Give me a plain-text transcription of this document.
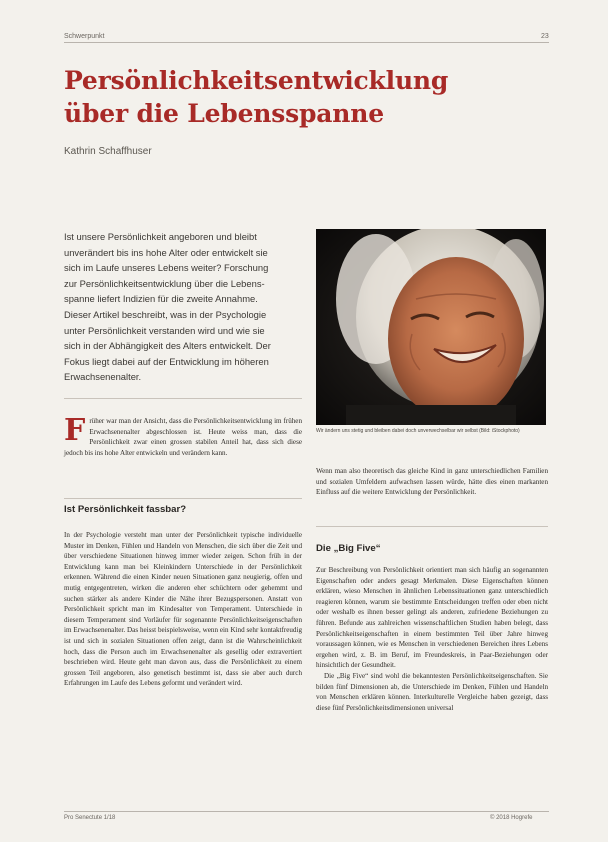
Schwerpunkt	23
Persönlichkeitsentwicklung über die Lebensspanne
Kathrin Schaffhuser

Ist unsere Persönlichkeit angeboren und bleibt

unverändert bis ins hohe Alter oder entwickelt sie

sich im Laufe unseres Lebens weiter? Forschung

zur Persönlichkeitsentwicklung über die Lebens-

spanne liefert Indizien für die zweite Annahme.

Dieser Artikel beschreibt, was in der Psychologie

unter Persönlichkeit verstanden wird und wie sie

sich in der Abhängigkeit des Alters entwickelt. Der

Fokus liegt dabei auf der Entwicklung im höheren

Erwachsenenalter.

Wir ändern uns stetig und bleiben dabei doch unverwechselbar wir selbst (Bild: iStockphoto)
Früher war man der Ansicht, dass die Persönlichkeitsentwicklung im frühen Erwachsenenalter abgeschlossen ist. Heute weiss man, dass die Persönlichkeit zwar einen grossen stabilen Anteil hat, dass sich diese jedoch bis ins hohe Alter entwickeln und verändern kann.
Ist Persönlichkeit fassbar?

In der Psychologie versteht man unter der Persönlichkeit typische individuelle Muster im Denken, Fühlen und Handeln von Menschen, die sich über die Zeit und über verschiedene Situationen hinweg immer wieder zeigen. Schon früh in der Entwicklung kann man bei Kleinkindern Unterschiede in der Persönlichkeit erkennen. Während die einen Kinder neuen Situationen ganz neugierig, offen und mutig entgegentreten, wirken die anderen eher schüchtern oder gehemmt und suchen stärker als andere Kinder die Nähe ihrer Bezugspersonen. Anstatt von Persönlichkeit spricht man im Kindesalter von Temperament. Unterschiede in diesem Temperament sind Vorläufer für sogenannte Persönlichkeitseigenschaften im Erwachsenenalter. Das heisst beispielsweise, wenn ein Kind sehr kontaktfreudig ist und sich in sozialen Situationen offen zeigt, dann ist die Wahrscheinlichkeit hoch, dass die Person auch im Erwachsenenalter als gesellig oder extravertiert beschrieben wird. Heute geht man davon aus, dass die Persönlichkeit zu einem grossen Teil angeboren, also genetisch bestimmt ist, dass sie aber auch durch Erfahrungen im Laufe des Lebens geformt und verändert wird.

Wenn man also theoretisch das gleiche Kind in ganz unterschiedlichen Familien und sozialen Umfeldern aufwachsen lassen würde, hätte dies einen markanten Einfluss auf die weitere Entwicklung der Persönlichkeit.

Die „Big Five“

Zur Beschreibung von Persönlichkeit orientiert man sich häufig an sogenannten Eigenschaften oder anders gesagt Merkmalen. Diese Eigenschaften können erklären, wieso Menschen in ähnlichen Lebenssituationen ganz unterschiedlich reagieren können, warum sie bestimmte Entscheidungen treffen oder eben nicht oder weshalb es ihnen besser gelingt als anderen, zufriedene Beziehungen zu führen. Befunde aus zahlreichen wissenschaftlichen Studien haben belegt, dass Persönlichkeitseigenschaften in einem bestimmten Teil über Jahre hinweg voraussagen können, wie es Menschen in verschiedenen Bereichen ihres Lebens ergehen wird, z. B. im Beruf, im Freundeskreis, in Paar-Beziehungen oder hinsichtlich der Gesundheit.

Die „Big Five“ sind wohl die bekanntesten Persönlichkeitseigenschaften. Sie bilden fünf Dimensionen ab, die Unterschiede im Denken, Fühlen und Handeln von Menschen erklären können. Interkulturelle Vergleiche haben gezeigt, dass diese fünf Persönlichkeitsdimensionen universal

Pro Senectute 1/18	© 2018 Hogrefe
